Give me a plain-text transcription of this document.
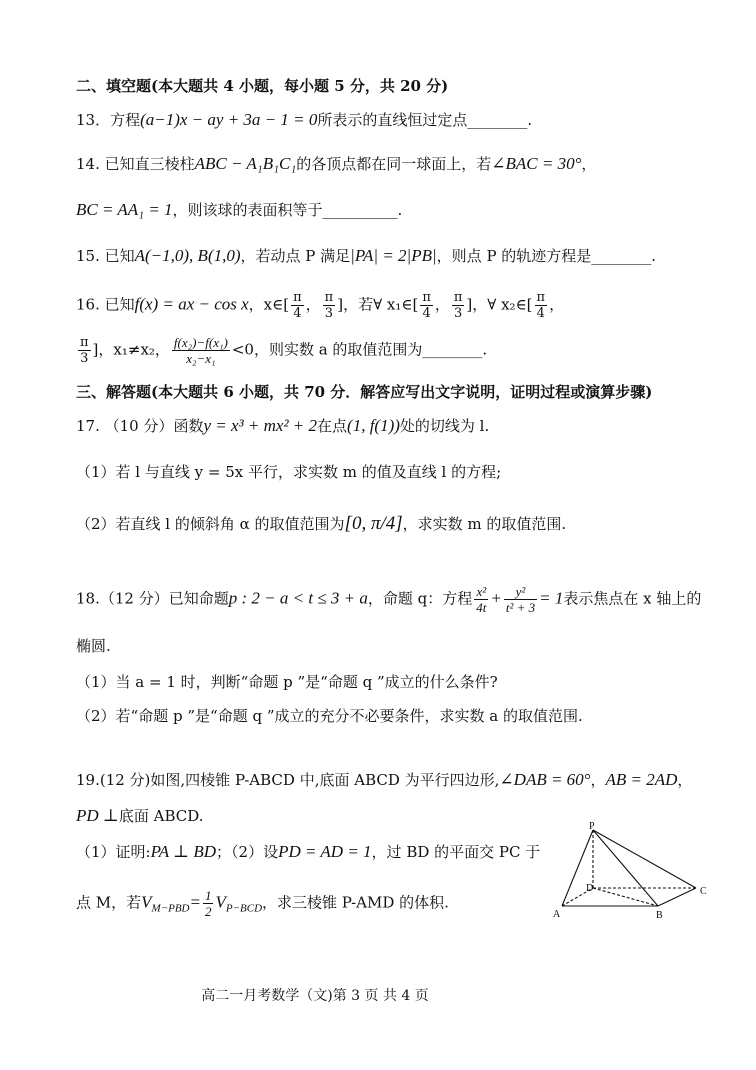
二、填空题(本大题共 4 小题，每小题 5 分，共 20 分)
13．方程(a−1)x − ay + 3a − 1 = 0所表示的直线恒过定点________.
14. 已知直三棱柱ABC − A₁B₁C₁的各顶点都在同一球面上，若∠BAC = 30°，
BC = AA₁ = 1，则该球的表面积等于__________.
15. 已知A(−1,0), B(1,0)，若动点 P 满足|PA| = 2|PB|，则点 P 的轨迹方程是________.
16. 已知f(x) = ax − cos x，x∈[ $\frac{\pi}{4}$ ， $\frac{\pi}{3}$ ]，若∀ x₁∈[ $\frac{\pi}{4}$ ， $\frac{\pi}{3}$ ]，∀ x₂∈[ $\frac{\pi}{4}$ ，
$\frac{\pi}{3}$ ]，x₁≠x₂， $\frac{\text{f(x₂)−f(x₁)}}{\text{x₂−x₁}} <0$，则实数 a 的取值范围为________.
三、解答题(本大题共 6 小题，共 70 分．解答应写出文字说明，证明过程或演算步骤)
17. （10 分）函数y = x³ + mx² + 2在点(1, f(1))处的切线为 l.
（1）若 l 与直线 y = 5x 平行，求实数 m 的值及直线 l 的方程;
（2）若直线 l 的倾斜角 α 的取值范围为[0, π/4]，求实数 m 的取值范围.
18.（12 分）已知命题p : 2 − a < t ≤ 3 + a，命题 q：方程 $\frac{\text{x²}}{4t} + \frac{\text{y²}}{\text{t² + 3}} = 1$表示焦点在 x 轴上的
椭圆.
（1）当 a = 1 时，判断“命题 p ”是“命题 q ”成立的什么条件?
（2）若“命题 p ”是“命题 q ”成立的充分不必要条件，求实数 a 的取值范围.
19.(12 分)如图,四棱锥 P-ABCD 中,底面 ABCD 为平行四边形,∠DAB = 60°，AB = 2AD，
PD ⊥底面 ABCD.
（1）证明:PA ⊥ BD；（2）设PD = AD = 1，过 BD 的平面交 PC 于
点 M，若$V_{M-PBD}= \frac{1}{2} V_{P-BCD}$，求三棱锥 P-AMD 的体积.
P
D
A	B
C
高二一月考数学（文)第 3 页 共 4 页
